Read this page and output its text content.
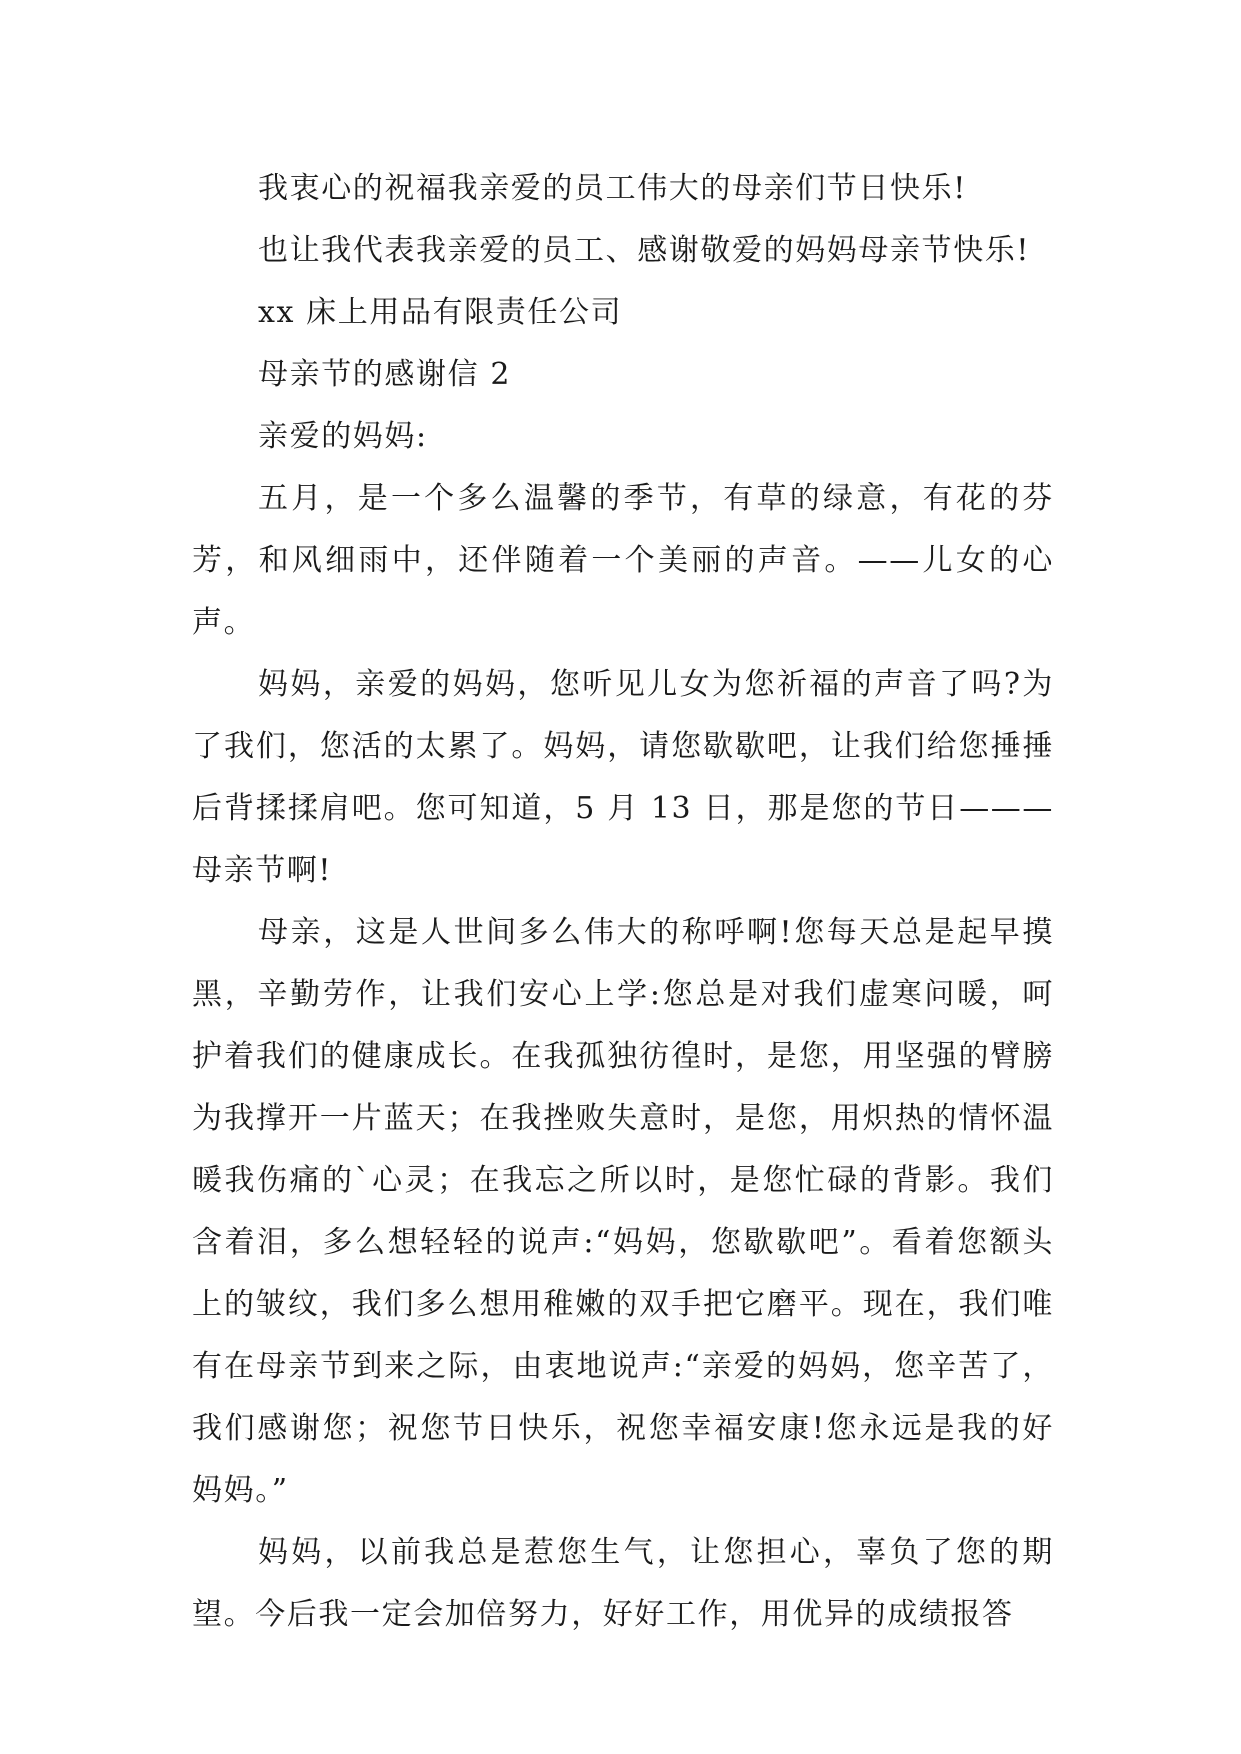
我衷心的祝福我亲爱的员工伟大的母亲们节日快乐!

也让我代表我亲爱的员工、感谢敬爱的妈妈母亲节快乐!

xx 床上用品有限责任公司

母亲节的感谢信 2

亲爱的妈妈:

五月，是一个多么温馨的季节，有草的绿意，有花的芬芳，和风细雨中，还伴随着一个美丽的声音。——儿女的心声。

妈妈，亲爱的妈妈，您听见儿女为您祈福的声音了吗?为了我们，您活的太累了。妈妈，请您歇歇吧，让我们给您捶捶后背揉揉肩吧。您可知道，5 月 13 日，那是您的节日———母亲节啊!

母亲，这是人世间多么伟大的称呼啊!您每天总是起早摸黑，辛勤劳作，让我们安心上学:您总是对我们虚寒问暖，呵护着我们的健康成长。在我孤独彷徨时，是您，用坚强的臂膀为我撑开一片蓝天；在我挫败失意时，是您，用炽热的情怀温暖我伤痛的`心灵；在我忘之所以时，是您忙碌的背影。我们含着泪，多么想轻轻的说声:“妈妈，您歇歇吧”。看着您额头上的皱纹，我们多么想用稚嫩的双手把它磨平。现在，我们唯有在母亲节到来之际，由衷地说声:“亲爱的妈妈，您辛苦了，我们感谢您；祝您节日快乐，祝您幸福安康!您永远是我的好妈妈。”

妈妈，以前我总是惹您生气，让您担心，辜负了您的期望。今后我一定会加倍努力，好好工作，用优异的成绩报答
